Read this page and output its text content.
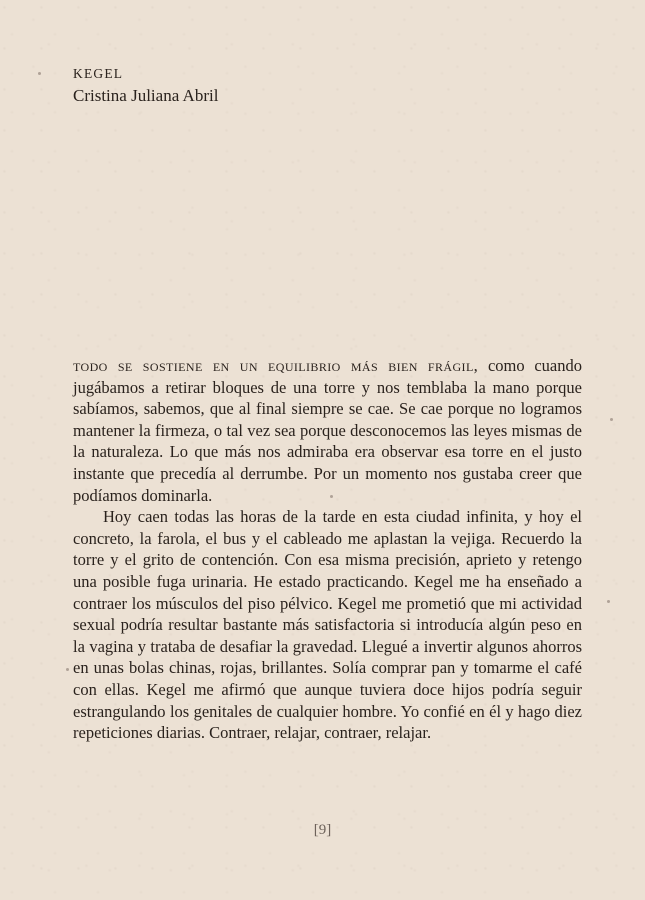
KEGEL
Cristina Juliana Abril

todo se sostiene en un equilibrio más bien frágil, como cuando jugábamos a retirar bloques de una torre y nos temblaba la mano porque sabíamos, sabemos, que al final siempre se cae. Se cae porque no logramos mantener la firmeza, o tal vez sea porque desconocemos las leyes mismas de la naturaleza. Lo que más nos admiraba era observar esa torre en el justo instante que precedía al derrumbe. Por un momento nos gustaba creer que podíamos dominarla.

Hoy caen todas las horas de la tarde en esta ciudad infinita, y hoy el concreto, la farola, el bus y el cableado me aplastan la vejiga. Recuerdo la torre y el grito de contención. Con esa misma precisión, aprieto y retengo una posible fuga urinaria. He estado practicando. Kegel me ha enseñado a contraer los músculos del piso pélvico. Kegel me prometió que mi actividad sexual podría resultar bastante más satisfactoria si introducía algún peso en la vagina y trataba de desafiar la gravedad. Llegué a invertir algunos ahorros en unas bolas chinas, rojas, brillantes. Solía comprar pan y tomarme el café con ellas. Kegel me afirmó que aunque tuviera doce hijos podría seguir estrangulando los genitales de cualquier hombre. Yo confié en él y hago diez repeticiones diarias. Contraer, relajar, contraer, relajar.

[9]
